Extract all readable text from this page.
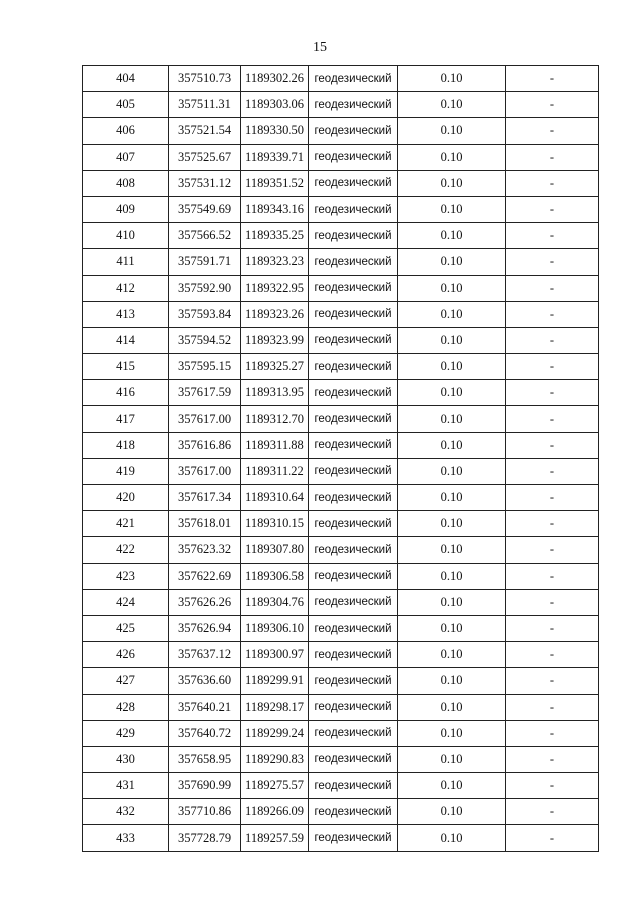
15
404	357510.73	1189302.26	геодезический	0.10	-
405	357511.31	1189303.06	геодезический	0.10	-
406	357521.54	1189330.50	геодезический	0.10	-
407	357525.67	1189339.71	геодезический	0.10	-
408	357531.12	1189351.52	геодезический	0.10	-
409	357549.69	1189343.16	геодезический	0.10	-
410	357566.52	1189335.25	геодезический	0.10	-
411	357591.71	1189323.23	геодезический	0.10	-
412	357592.90	1189322.95	геодезический	0.10	-
413	357593.84	1189323.26	геодезический	0.10	-
414	357594.52	1189323.99	геодезический	0.10	-
415	357595.15	1189325.27	геодезический	0.10	-
416	357617.59	1189313.95	геодезический	0.10	-
417	357617.00	1189312.70	геодезический	0.10	-
418	357616.86	1189311.88	геодезический	0.10	-
419	357617.00	1189311.22	геодезический	0.10	-
420	357617.34	1189310.64	геодезический	0.10	-
421	357618.01	1189310.15	геодезический	0.10	-
422	357623.32	1189307.80	геодезический	0.10	-
423	357622.69	1189306.58	геодезический	0.10	-
424	357626.26	1189304.76	геодезический	0.10	-
425	357626.94	1189306.10	геодезический	0.10	-
426	357637.12	1189300.97	геодезический	0.10	-
427	357636.60	1189299.91	геодезический	0.10	-
428	357640.21	1189298.17	геодезический	0.10	-
429	357640.72	1189299.24	геодезический	0.10	-
430	357658.95	1189290.83	геодезический	0.10	-
431	357690.99	1189275.57	геодезический	0.10	-
432	357710.86	1189266.09	геодезический	0.10	-
433	357728.79	1189257.59	геодезический	0.10	-
